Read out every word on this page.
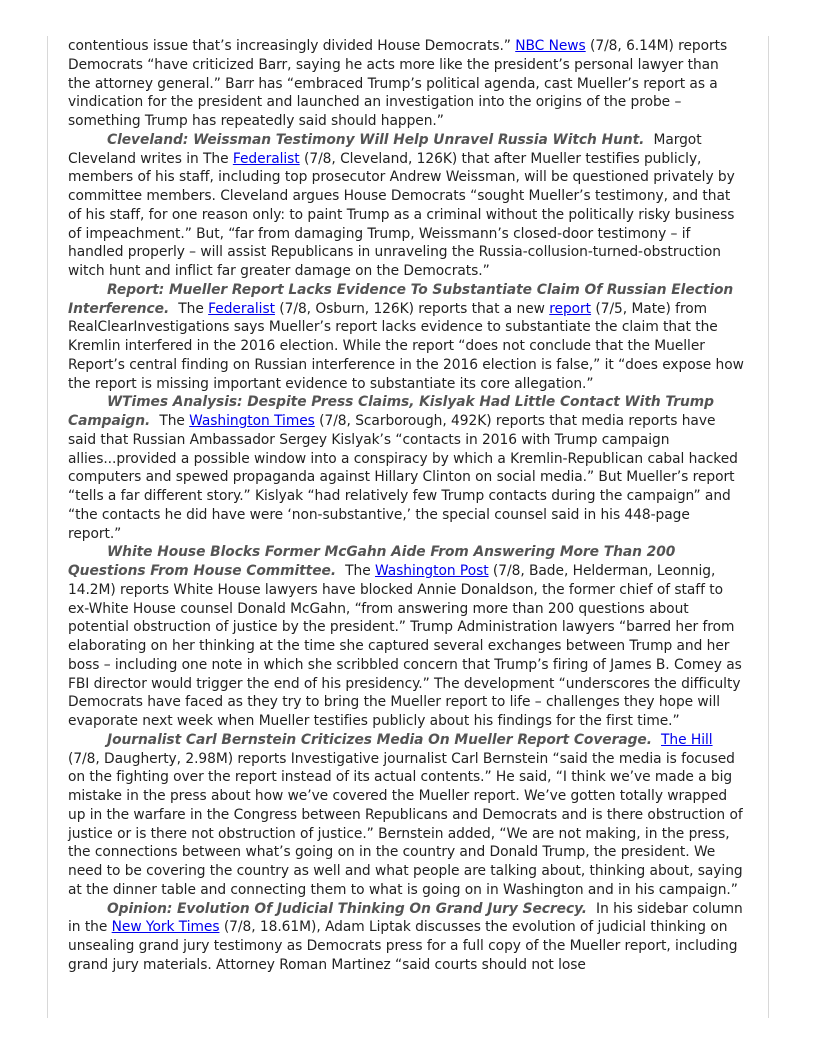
contentious issue that’s increasingly divided House Democrats.” NBC News (7/8, 6.14M) reports Democrats “have criticized Barr, saying he acts more like the president’s personal lawyer than the attorney general.” Barr has “embraced Trump’s political agenda, cast Mueller’s report as a vindication for the president and launched an investigation into the origins of the probe – something Trump has repeatedly said should happen.”

Cleveland: Weissman Testimony Will Help Unravel Russia Witch Hunt. Margot Cleveland writes in The Federalist (7/8, Cleveland, 126K) that after Mueller testifies publicly, members of his staff, including top prosecutor Andrew Weissman, will be questioned privately by committee members. Cleveland argues House Democrats “sought Mueller’s testimony, and that of his staff, for one reason only: to paint Trump as a criminal without the politically risky business of impeachment.” But, “far from damaging Trump, Weissmann’s closed-door testimony – if handled properly – will assist Republicans in unraveling the Russia-collusion-turned-obstruction witch hunt and inflict far greater damage on the Democrats.”

Report: Mueller Report Lacks Evidence To Substantiate Claim Of Russian Election Interference. The Federalist (7/8, Osburn, 126K) reports that a new report (7/5, Mate) from RealClearInvestigations says Mueller’s report lacks evidence to substantiate the claim that the Kremlin interfered in the 2016 election. While the report “does not conclude that the Mueller Report’s central finding on Russian interference in the 2016 election is false,” it “does expose how the report is missing important evidence to substantiate its core allegation.”

WTimes Analysis: Despite Press Claims, Kislyak Had Little Contact With Trump Campaign. The Washington Times (7/8, Scarborough, 492K) reports that media reports have said that Russian Ambassador Sergey Kislyak’s “contacts in 2016 with Trump campaign allies...provided a possible window into a conspiracy by which a Kremlin-Republican cabal hacked computers and spewed propaganda against Hillary Clinton on social media.” But Mueller’s report “tells a far different story.” Kislyak “had relatively few Trump contacts during the campaign” and “the contacts he did have were ‘non-substantive,’ the special counsel said in his 448-page report.”

White House Blocks Former McGahn Aide From Answering More Than 200 Questions From House Committee. The Washington Post (7/8, Bade, Helderman, Leonnig, 14.2M) reports White House lawyers have blocked Annie Donaldson, the former chief of staff to ex-White House counsel Donald McGahn, “from answering more than 200 questions about potential obstruction of justice by the president.” Trump Administration lawyers “barred her from elaborating on her thinking at the time she captured several exchanges between Trump and her boss – including one note in which she scribbled concern that Trump’s firing of James B. Comey as FBI director would trigger the end of his presidency.” The development “underscores the difficulty Democrats have faced as they try to bring the Mueller report to life – challenges they hope will evaporate next week when Mueller testifies publicly about his findings for the first time.”

Journalist Carl Bernstein Criticizes Media On Mueller Report Coverage. The Hill (7/8, Daugherty, 2.98M) reports Investigative journalist Carl Bernstein “said the media is focused on the fighting over the report instead of its actual contents.” He said, “I think we’ve made a big mistake in the press about how we’ve covered the Mueller report. We’ve gotten totally wrapped up in the warfare in the Congress between Republicans and Democrats and is there obstruction of justice or is there not obstruction of justice.” Bernstein added, “We are not making, in the press, the connections between what’s going on in the country and Donald Trump, the president. We need to be covering the country as well and what people are talking about, thinking about, saying at the dinner table and connecting them to what is going on in Washington and in his campaign.”

Opinion: Evolution Of Judicial Thinking On Grand Jury Secrecy. In his sidebar column in the New York Times (7/8, 18.61M), Adam Liptak discusses the evolution of judicial thinking on unsealing grand jury testimony as Democrats press for a full copy of the Mueller report, including grand jury materials. Attorney Roman Martinez “said courts should not lose
